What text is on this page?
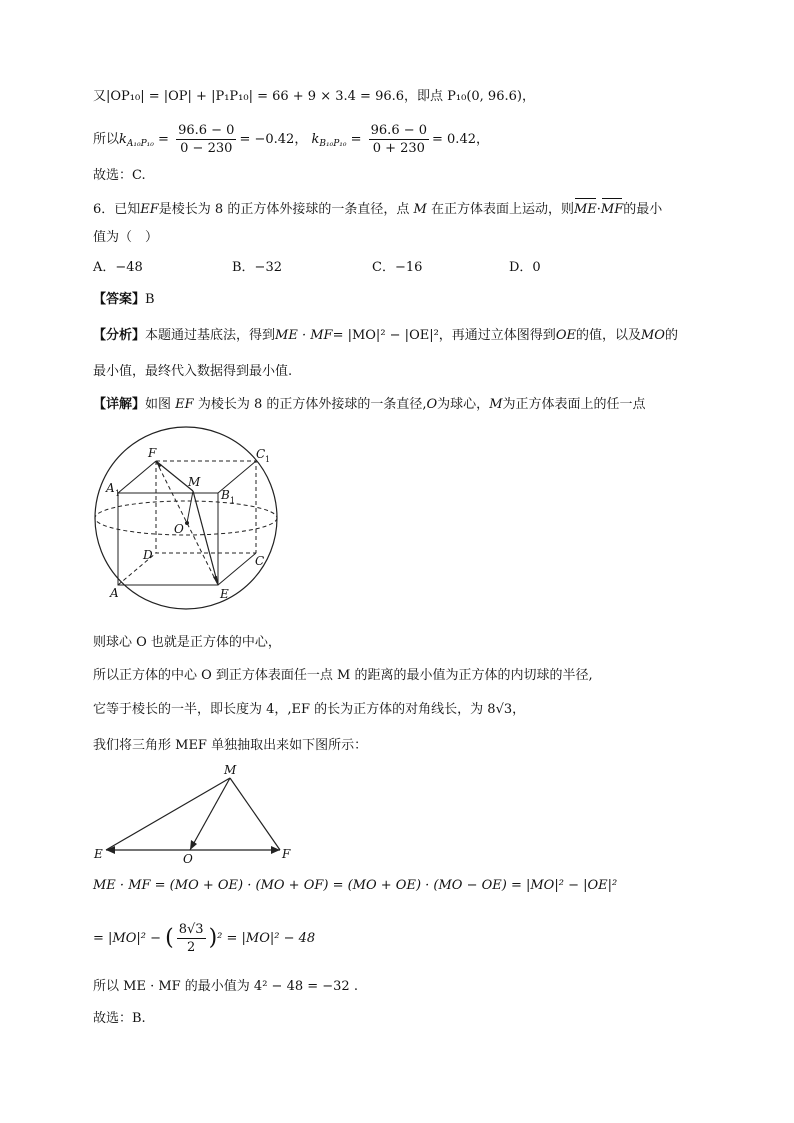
又|OP₁₀| = |OP| + |P₁P₁₀| = 66 + 9 × 3.4 = 96.6，即点 P₁₀(0, 96.6)，
所以$k_{A_{10}P_{10}} = \frac{96.6 - 0}{0 - 230} = -0.42$， $k_{B_{10}P_{10}} = \frac{96.6 - 0}{0 + 230} = 0.42$，
故选：C.
6．已知EF是棱长为 8 的正方体外接球的一条直径，点 M 在正方体表面上运动，则ME·MF的最小
值为（　）
A．−48	B．−32	C．−16	D．0
【答案】B
【分析】本题通过基底法，得到ME · MF= |MO|² − |OE|²，再通过立体图得到OE的值，以及MO的
最小值，最终代入数据得到最小值.
【详解】如图 EF 为棱长为 8 的正方体外接球的一条直径,O为球心，M为正方体表面上的任一点
F	C 1
A 1
M
B 1
O
D	C
A	E
则球心 O 也就是正方体的中心，
所以正方体的中心 O 到正方体表面任一点 M 的距离的最小值为正方体的内切球的半径,
它等于棱长的一半，即长度为 4，,EF 的长为正方体的对角线长，为 8√3，
我们将三角形 MEF 单独抽取出来如下图所示：
M
E	O	F
ME · MF = (MO + OE) · (MO + OF) = (MO + OE) · (MO − OE) = |MO|² − |OE|²
= |MO|² − ( $\frac{8√3}{2} )^2 = |MO|^2 - 48$
所以 ME · MF 的最小值为 4² − 48 = −32 .
故选：B.
